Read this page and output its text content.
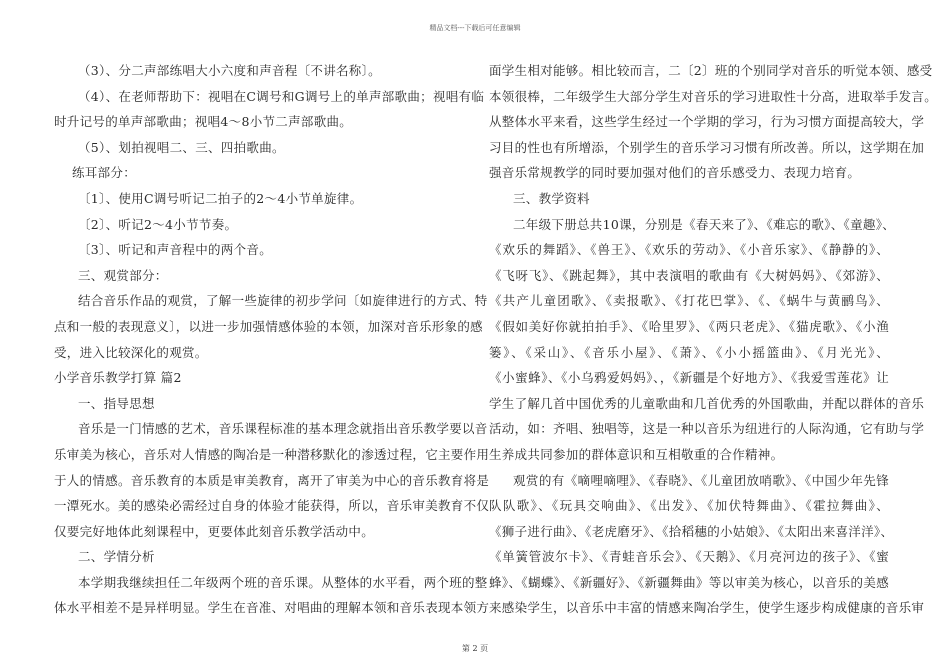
精品文档---下载后可任意编辑
（3）、分二声部练唱大小六度和声音程〔不讲名称〕。
（4）、在老师帮助下：视唱在C调号和G调号上的单声部歌曲；视唱有临
时升记号的单声部歌曲；视唱4～8小节二声部歌曲。
（5）、划拍视唱二、三、四拍歌曲。
练耳部分：
〔1〕、使用C调号听记二拍子的2～4小节单旋律。
〔2〕、听记2～4小节节奏。
〔3〕、听记和声音程中的两个音。
三、观赏部分：
结合音乐作品的观赏，了解一些旋律的初步学问〔如旋律进行的方式、特
点和一般的表现意义〕，以进一步加强情感体验的本领，加深对音乐形象的感
受，进入比较深化的观赏。
小学音乐教学打算 篇2
一、指导思想
音乐是一门情感的艺术，音乐课程标准的基本理念就指出音乐教学要以音
乐审美为核心，音乐对人情感的陶冶是一种潜移默化的渗透过程，它主要作用
于人的情感。音乐教育的本质是审美教育，离开了审美为中心的音乐教育将是
一潭死水。美的感染必需经过自身的体验才能获得，所以，音乐审美教育不仅
仅要完好地体此刻课程中，更要体此刻音乐教学活动中。
二、学情分析
本学期我继续担任二年级两个班的音乐课。从整体的水平看，两个班的整
体水平相差不是异样明显。学生在音准、对唱曲的理解本领和音乐表现本领方
面学生相对能够。相比较而言，二〔2〕班的个别同学对音乐的听觉本领、感受
本领很棒，二年级学生大部分学生对音乐的学习进取性十分高，进取举手发言。
从整体水平来看，这些学生经过一个学期的学习，行为习惯方面提高较大，学
习目的性也有所增添，个别学生的音乐学习习惯有所改善。所以，这学期在加
强音乐常规教学的同时要加强对他们的音乐感受力、表现力培育。
三、教学资料
二年级下册总共10课，分别是《春天来了》、《难忘的歌》、《童趣》、
《欢乐的舞蹈》、《兽王》、《欢乐的劳动》、《小音乐家》、《静静的》、
《飞呀飞》、《跳起舞》，其中表演唱的歌曲有《大树妈妈》、《郊游》、
《共产儿童团歌》、《卖报歌》、《打花巴掌》、《、《蜗牛与黄鹂鸟》、
《假如美好你就拍拍手》、《哈里罗》、《两只老虎》、《猫虎歌》、《小渔
篓》、《采山》、《音乐小屋》、《萧》、《小小摇篮曲》、《月光光》、
《小蜜蜂》、《小乌鸦爱妈妈》、，《新疆是个好地方》、《我爱雪莲花》让
学生了解几首中国优秀的儿童歌曲和几首优秀的外国歌曲，并配以群体的音乐
活动，如：齐唱、独唱等，这是一种以音乐为纽进行的人际沟通，它有助与学
生养成共同参加的群体意识和互相敬重的合作精神。
观赏的有《嘀哩嘀哩》、《春晓》、《儿童团放哨歌》、《中国少年先锋
队队歌》、《玩具交响曲》、《出发》、《加伏特舞曲》、《霍拉舞曲》、
《狮子进行曲》、《老虎磨牙》、《拾稻穗的小姑娘》、《太阳出来喜洋洋》、
《单簧管波尔卡》、《青蛙音乐会》、《天鹅》、《月亮河边的孩子》、《蜜
蜂》、《蝴蝶》、《新疆好》、《新疆舞曲》等以审美为核心，以音乐的美感
来感染学生，以音乐中丰富的情感来陶冶学生，使学生逐步构成健康的音乐审
第 2 页
